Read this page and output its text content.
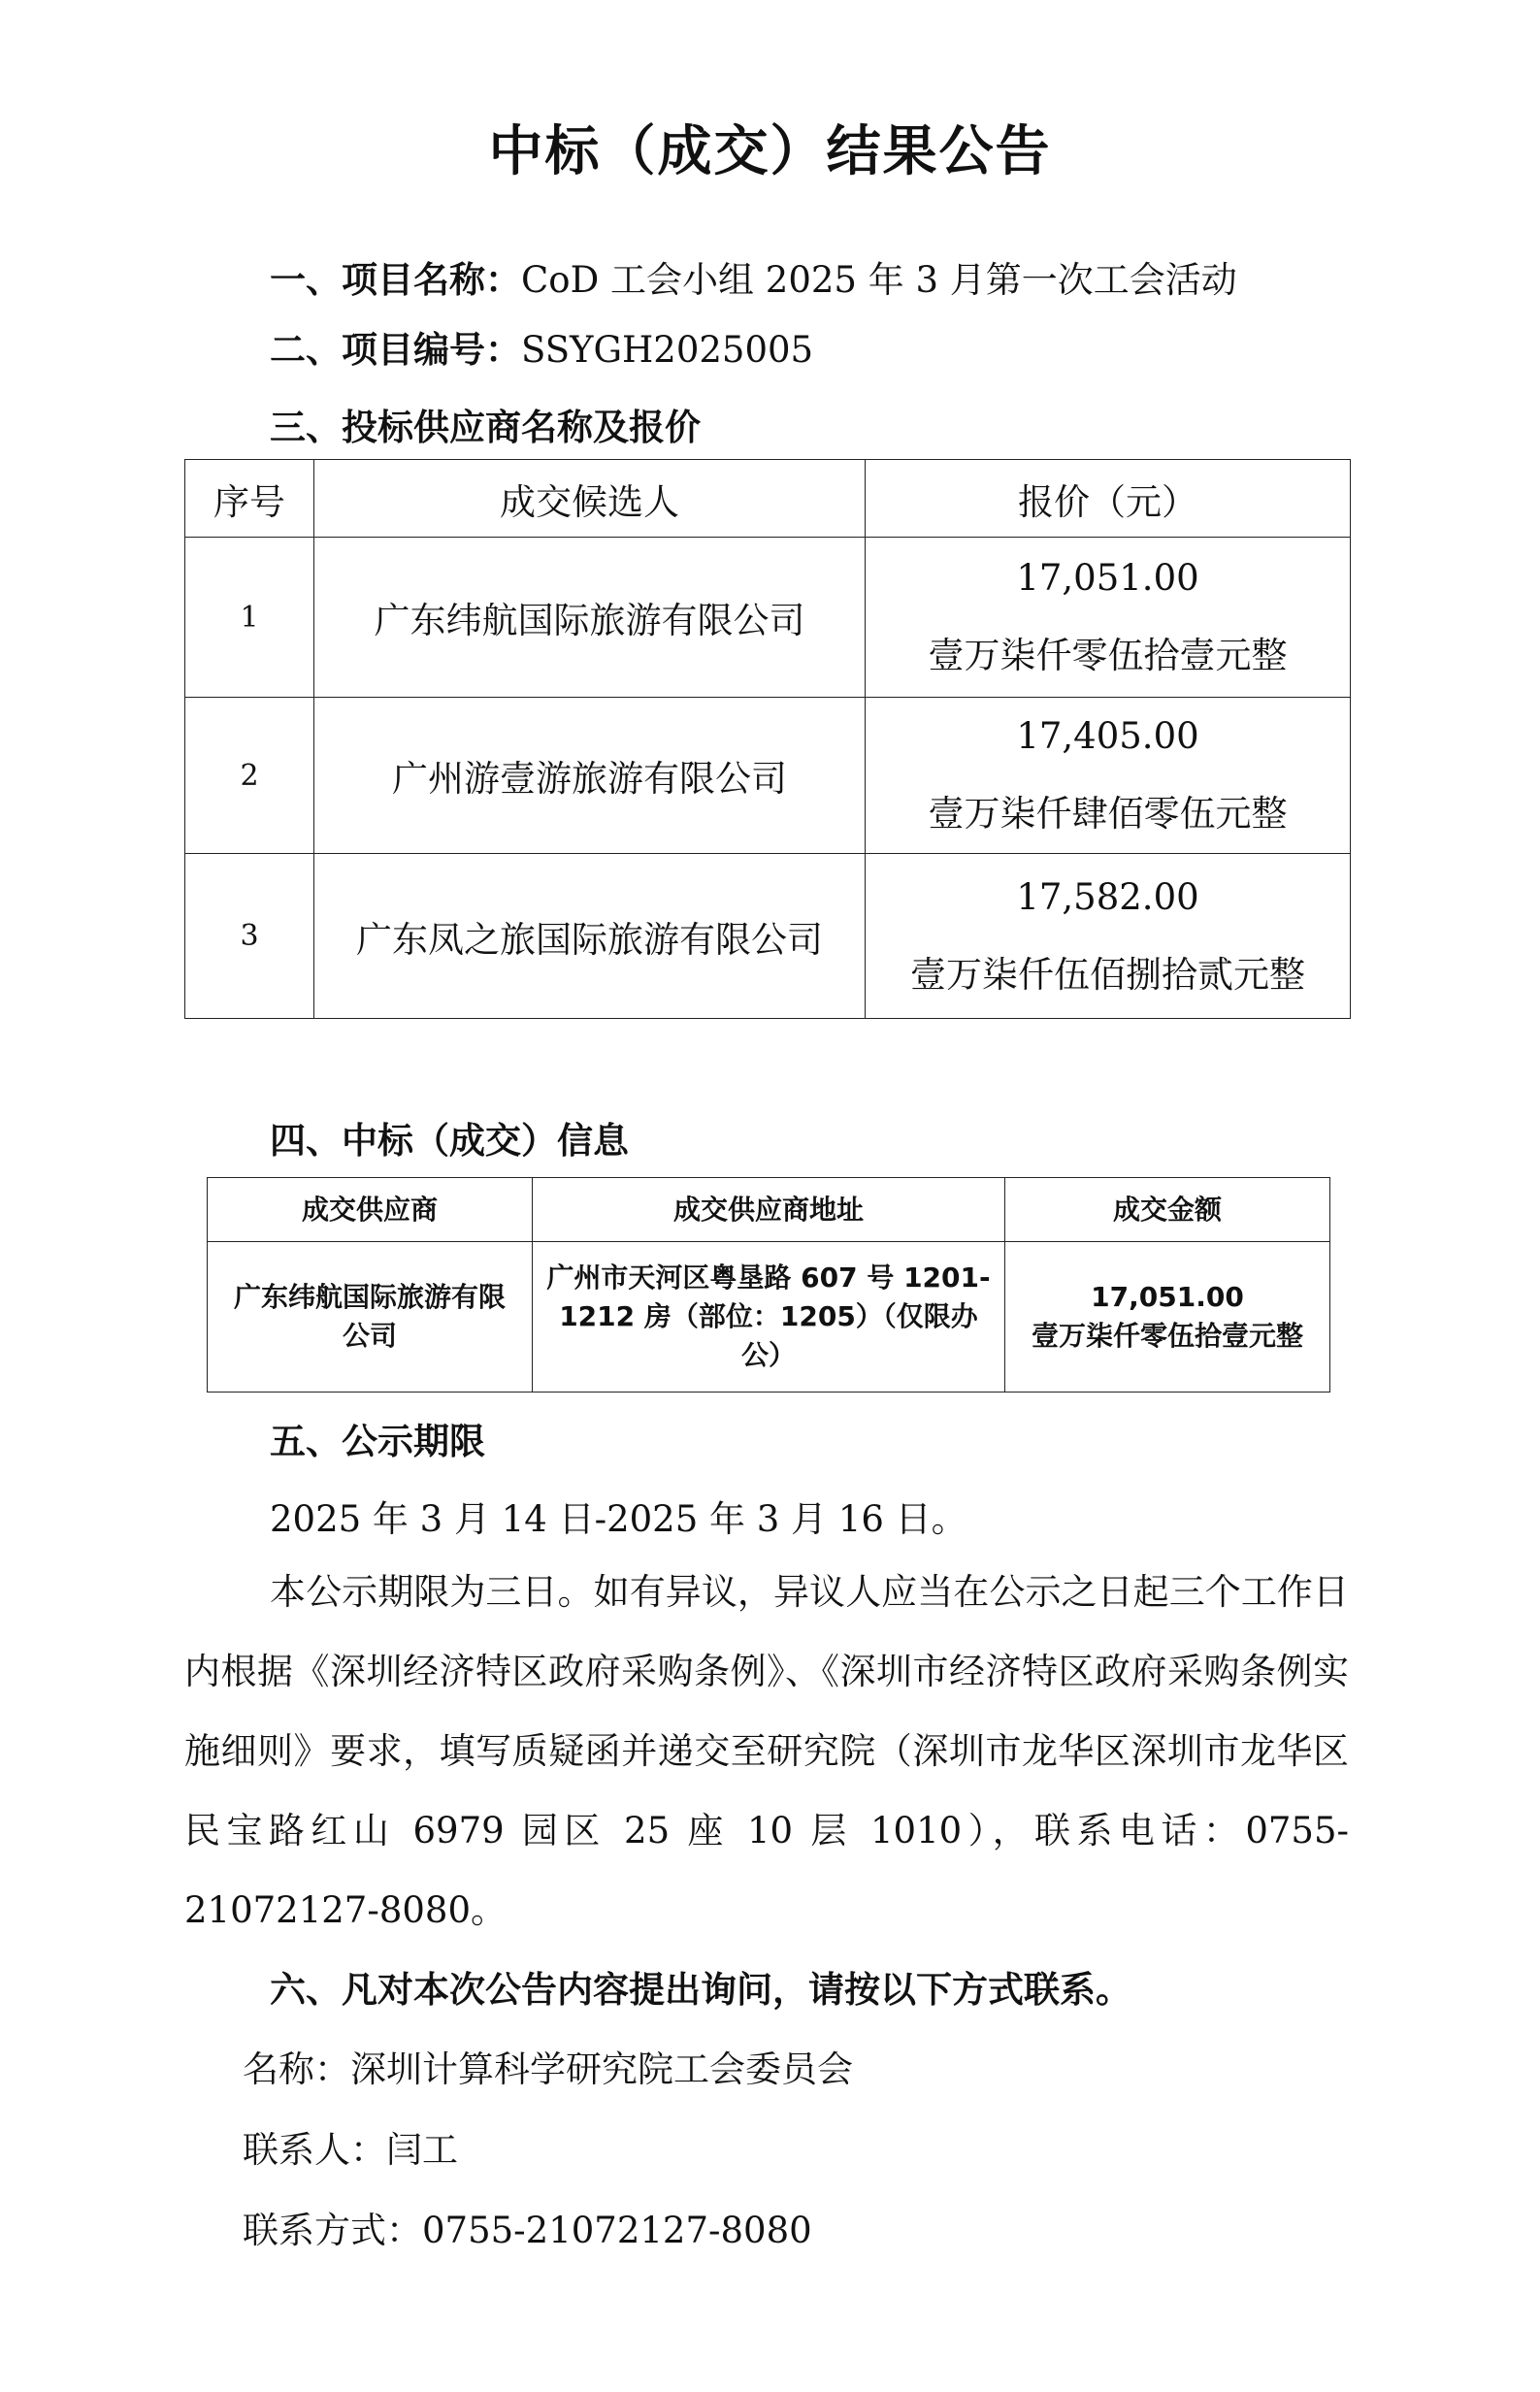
中标（成交）结果公告
一、项目名称：CoD 工会小组 2025 年 3 月第一次工会活动
二、项目编号：SSYGH2025005
三、投标供应商名称及报价
序号	成交候选人	报价（元）
1	广东纬航国际旅游有限公司	17,051.00
壹万柒仟零伍拾壹元整

2	广州游壹游旅游有限公司	17,405.00
壹万柒仟肆佰零伍元整

3	广东凤之旅国际旅游有限公司	17,582.00
壹万柒仟伍佰捌拾贰元整
四、中标（成交）信息
成交供应商	成交供应商地址	成交金额
广东纬航国际旅游有限公司	广州市天河区粤垦路 607 号 1201-1212 房（部位：1205）（仅限办公）	17,051.00
壹万柒仟零伍拾壹元整
五、公示期限
2025 年 3 月 14 日-2025 年 3 月 16 日。
本公示期限为三日。如有异议，异议人应当在公示之日起三个工作日内根据《深圳经济特区政府采购条例》、《深圳市经济特区政府采购条例实施细则》要求，填写质疑函并递交至研究院（深圳市龙华区深圳市龙华区民宝路红山 6979 园区 25 座 10 层 1010），联系电话：0755-21072127-8080。
六、凡对本次公告内容提出询问，请按以下方式联系。
名称：深圳计算科学研究院工会委员会
联系人：闫工
联系方式：0755-21072127-8080
